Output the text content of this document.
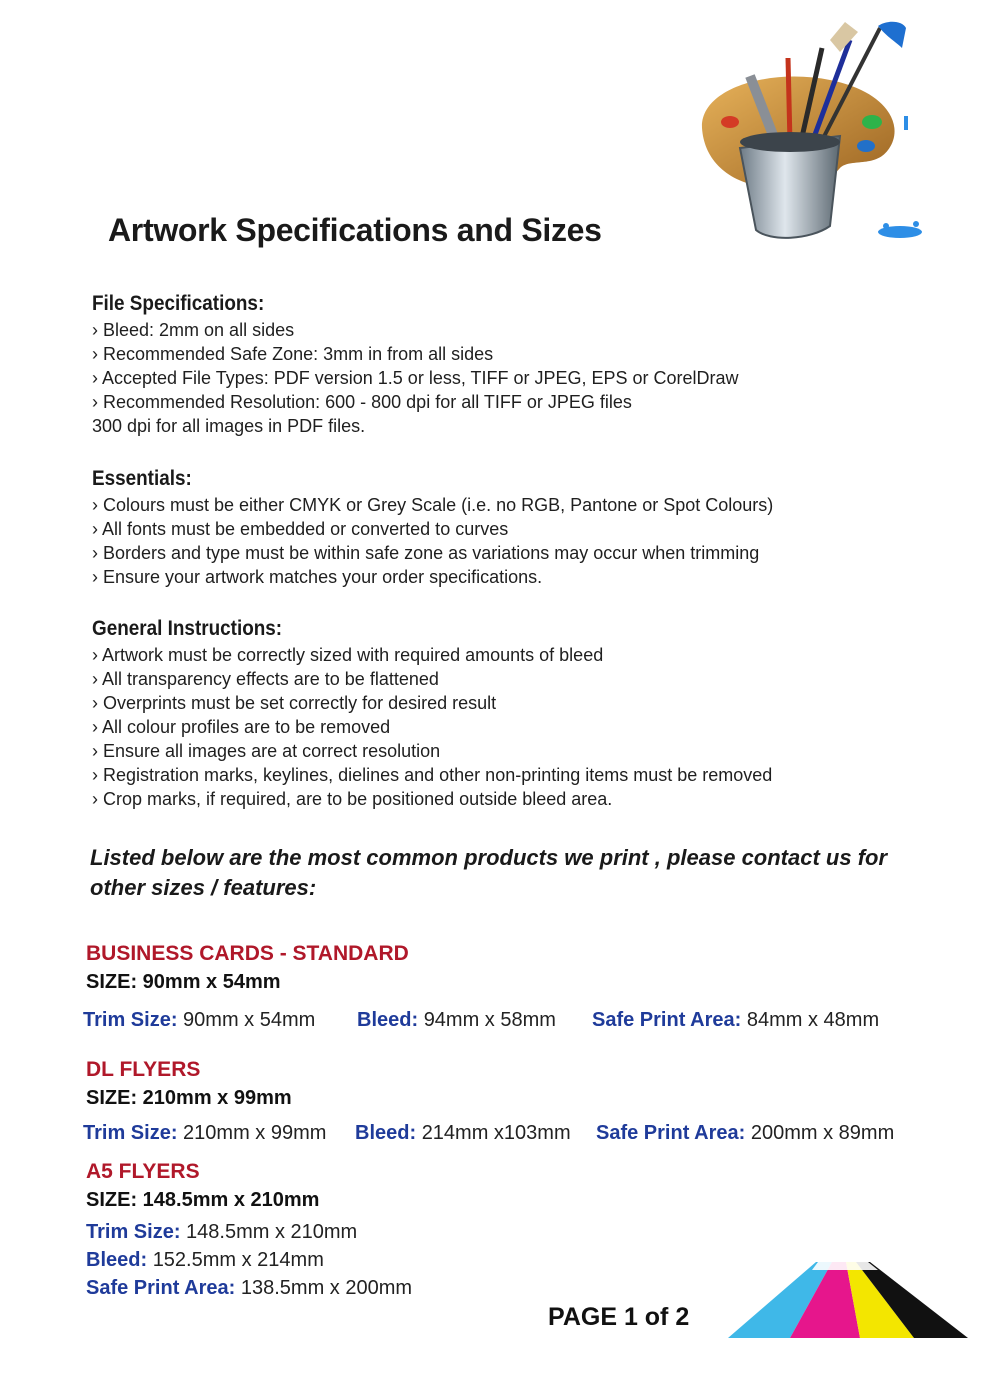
Artwork Specifications and Sizes
File Specifications:
› Bleed: 2mm on all sides
› Recommended Safe Zone: 3mm in from all sides
› Accepted File Types: PDF version 1.5 or less, TIFF or JPEG, EPS or CorelDraw
› Recommended Resolution: 600 - 800 dpi for all TIFF or JPEG files
300 dpi for all images in PDF files.
Essentials:
› Colours must be either CMYK or Grey Scale (i.e. no RGB, Pantone or Spot Colours)
› All fonts must be embedded or converted to curves
› Borders and type must be within safe zone as variations may occur when trimming
› Ensure your artwork matches your order specifications.
General Instructions:
› Artwork must be correctly sized with required amounts of bleed
› All transparency effects are to be flattened
› Overprints must be set correctly for desired result
› All colour profiles are to be removed
› Ensure all images are at correct resolution
› Registration marks, keylines, dielines and other non-printing items must be removed
› Crop marks, if required, are to be positioned outside bleed area.
Listed below are the most common products we print , please contact us for
other sizes / features:
BUSINESS CARDS - STANDARD
SIZE: 90mm x 54mm
Trim Size: 90mm x 54mm Bleed: 94mm x 58mm Safe Print Area: 84mm x 48mm
DL FLYERS
SIZE: 210mm x 99mm
Trim Size: 210mm x 99mm Bleed: 214mm x103mm Safe Print Area: 200mm x 89mm
A5 FLYERS
SIZE: 148.5mm x 210mm
Trim Size: 148.5mm x 210mm
Bleed: 152.5mm x 214mm
Safe Print Area: 138.5mm x 200mm
PAGE 1 of 2
